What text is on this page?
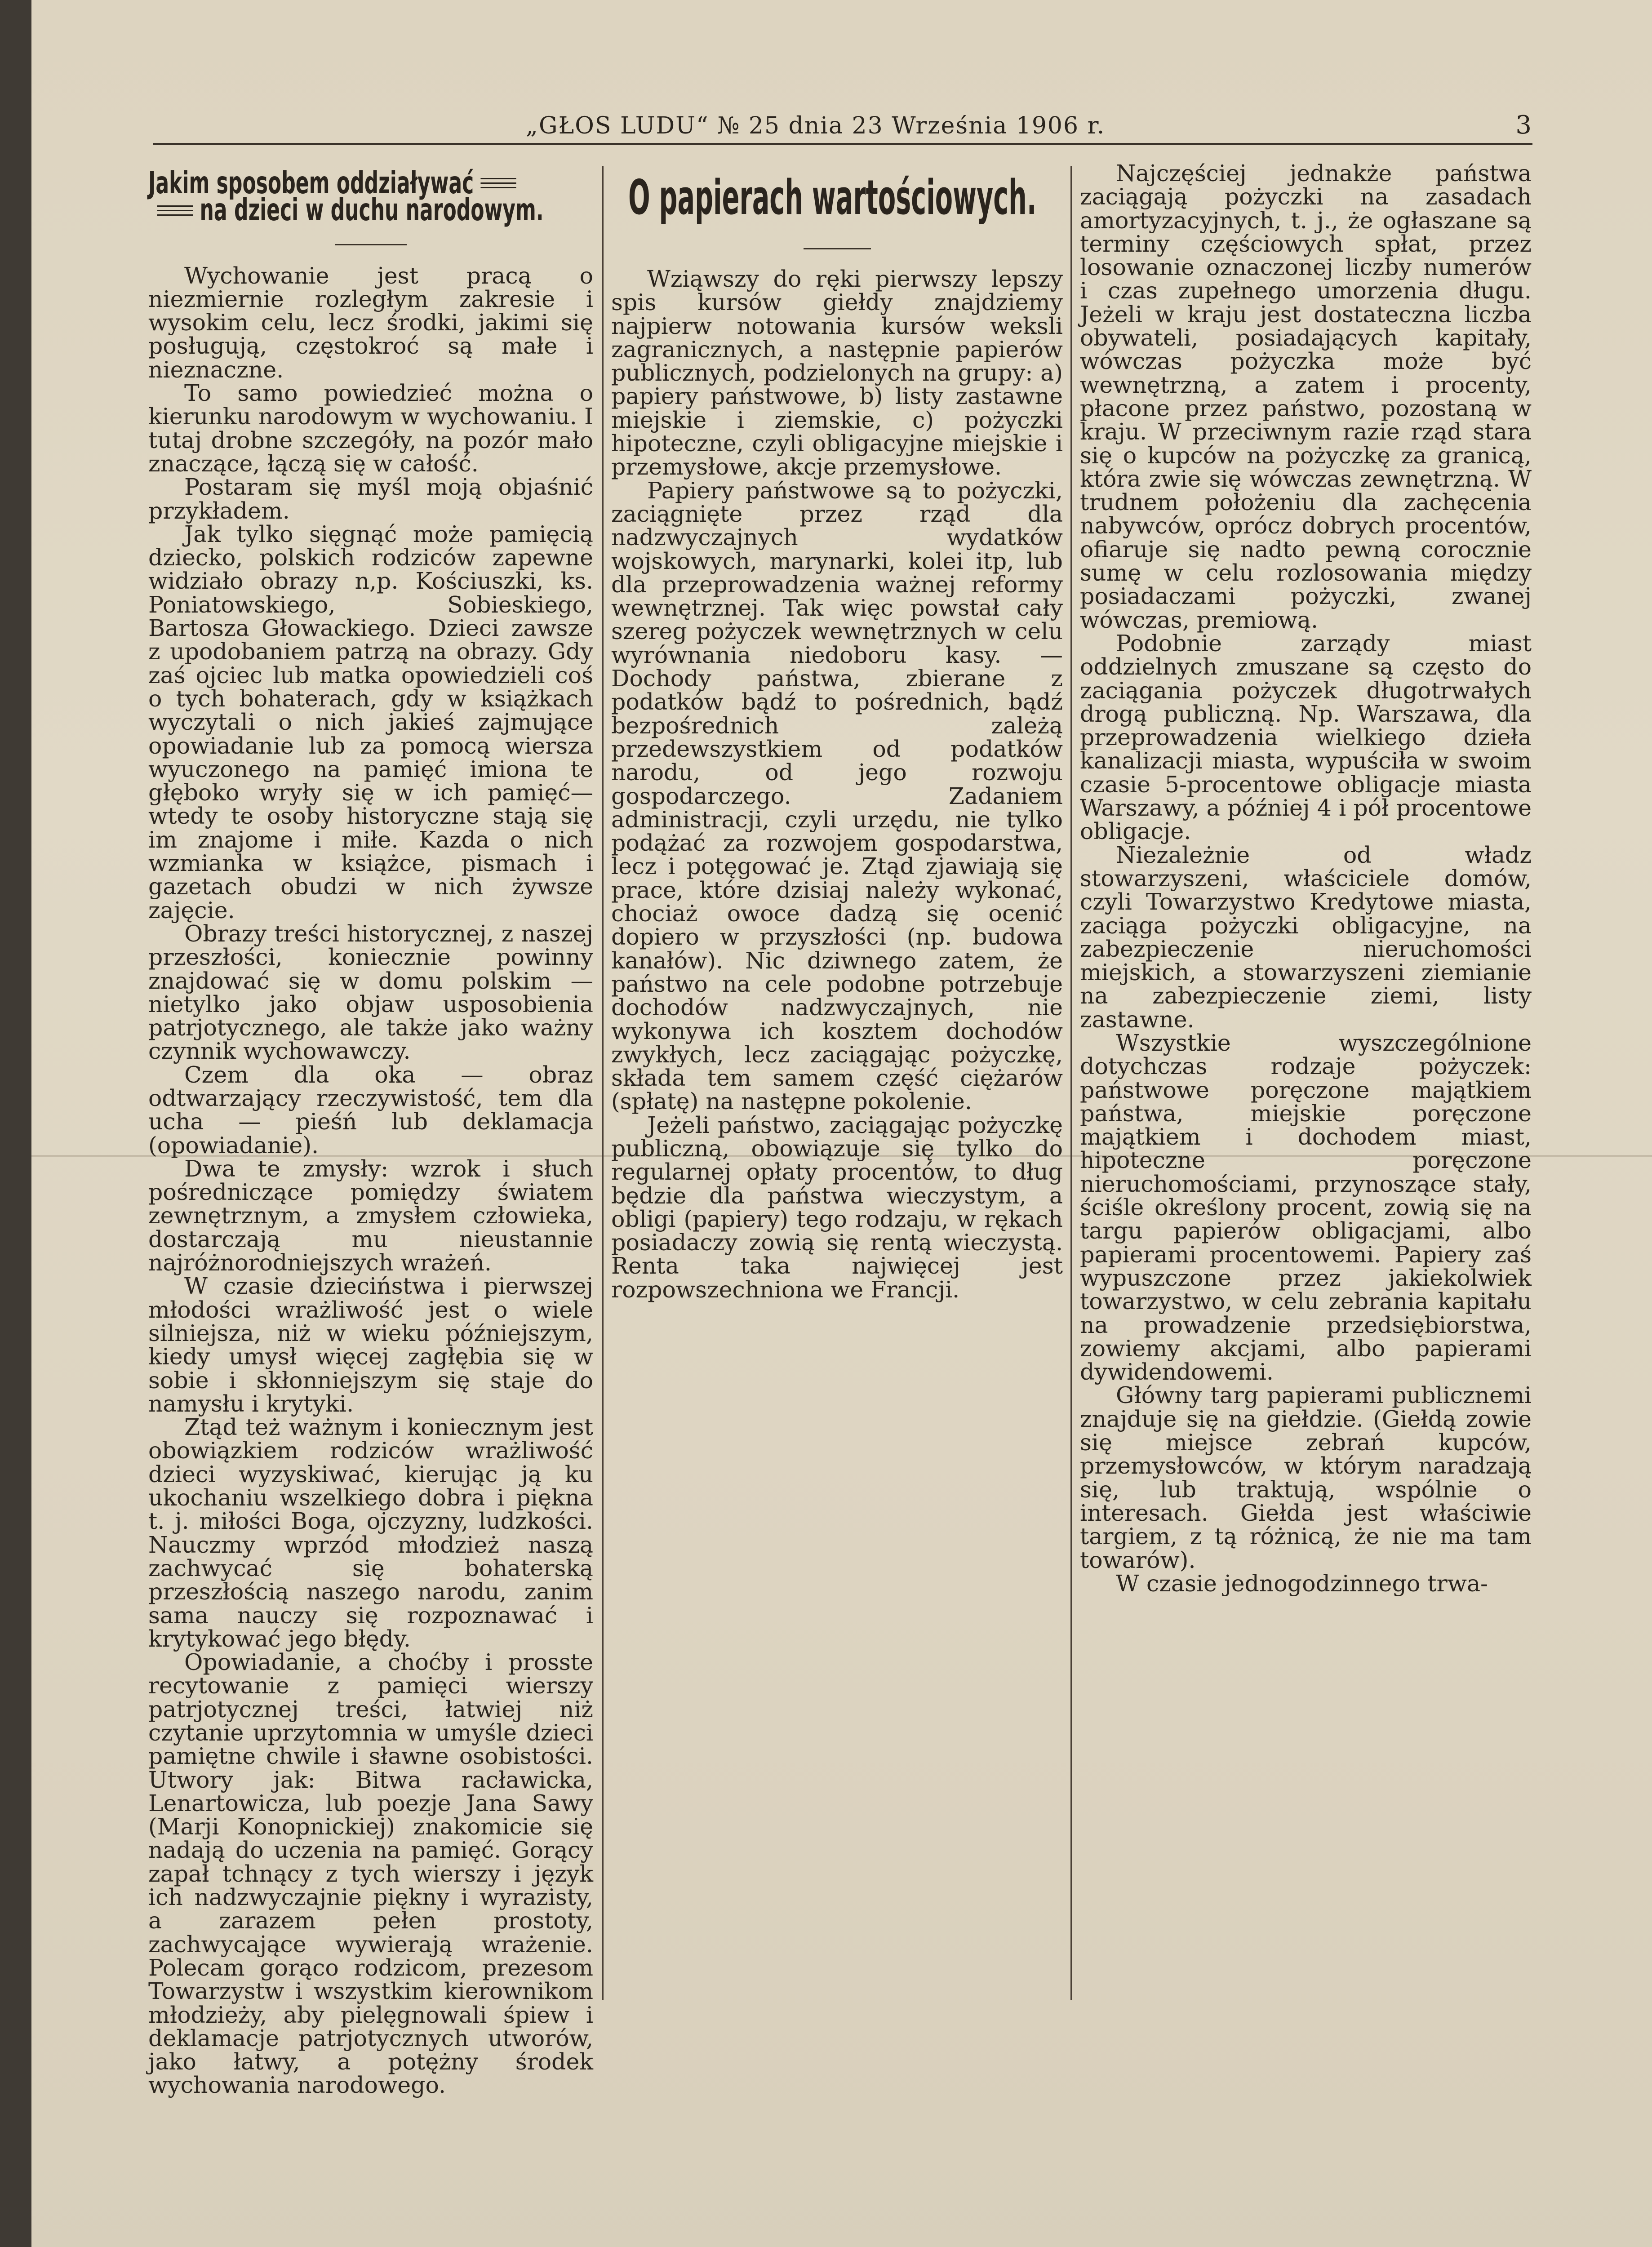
„GŁOS LUDU“ № 25 dnia 23 Września 1906 r.	3
Jakim sposobem oddziaływać
na dzieci w duchu narodowym.

Wychowanie jest pracą o niezmiernie rozległym zakresie i wysokim celu, lecz środki, jakimi się posługują, częstokroć są małe i nieznaczne.

To samo powiedzieć można o kierunku narodowym w wychowaniu. I tutaj drobne szczegóły, na pozór mało znaczące, łączą się w całość.

Postaram się myśl moją objaśnić przykładem.

Jak tylko sięgnąć może pamięcią dziecko, polskich rodziców zapewne widziało obrazy n,p. Kościuszki, ks. Poniatowskiego, Sobieskiego, Bartosza Głowackiego. Dzieci zawsze z upodobaniem patrzą na obrazy. Gdy zaś ojciec lub matka opowiedzieli coś o tych bohaterach, gdy w książkach wyczytali o nich jakieś zajmujące opowiadanie lub za pomocą wiersza wyuczonego na pamięć imiona te głęboko wryły się w ich pamięć—wtedy te osoby historyczne stają się im znajome i miłe. Kazda o nich wzmianka w książce, pismach i gazetach obudzi w nich żywsze zajęcie.

Obrazy treści historycznej, z naszej przeszłości, koniecznie powinny znajdować się w domu polskim — nietylko jako objaw usposobienia patrjotycznego, ale także jako ważny czynnik wychowawczy.

Czem dla oka — obraz odtwarzający rzeczywistość, tem dla ucha — pieśń lub deklamacja (opowiadanie).

Dwa te zmysły: wzrok i słuch pośredniczące pomiędzy światem zewnętrznym, a zmysłem człowieka, dostarczają mu nieustannie najróżnorodniejszych wrażeń.

W czasie dzieciństwa i pierwszej młodości wrażliwość jest o wiele silniejsza, niż w wieku późniejszym, kiedy umysł więcej zagłębia się w sobie i skłonniejszym się staje do namysłu i krytyki.

Ztąd też ważnym i koniecznym jest obowiązkiem rodziców wrażliwość dzieci wyzyskiwać, kierując ją ku ukochaniu wszelkiego dobra i piękna t. j. miłości Boga, ojczyzny, ludzkości. Nauczmy wprzód młodzież naszą zachwycać się bohaterską przeszłością naszego narodu, zanim sama nauczy się rozpoznawać i krytykować jego błędy.

Opowiadanie, a choćby i prosste recytowanie z pamięci wierszy patrjotycznej treści, łatwiej niż czytanie uprzytomnia w umyśle dzieci pamiętne chwile i sławne osobistości. Utwory jak: Bitwa racławicka, Lenartowicza, lub poezje Jana Sawy (Marji Konopnickiej) znakomicie się nadają do uczenia na pamięć. Gorący zapał tchnący z tych wierszy i język ich nadzwyczajnie piękny i wyrazisty, a zarazem pełen prostoty, zachwycające wywierają wrażenie. Polecam gorąco rodzicom, prezesom Towarzystw i wszystkim kierownikom młodzieży, aby pielęgnowali śpiew i deklamacje patrjotycznych utworów, jako łatwy, a potężny środek wychowania narodowego.

O papierach wartościowych.

Wziąwszy do ręki pierwszy lepszy spis kursów giełdy znajdziemy najpierw notowania kursów weksli zagranicznych, a następnie papierów publicznych, podzielonych na grupy: a) papiery państwowe, b) listy zastawne miejskie i ziemskie, c) pożyczki hipoteczne, czyli obligacyjne miejskie i przemysłowe, akcje przemysłowe.

Papiery państwowe są to pożyczki, zaciągnięte przez rząd dla nadzwyczajnych wydatków wojskowych, marynarki, kolei itp, lub dla przeprowadzenia ważnej reformy wewnętrznej. Tak więc powstał cały szereg pożyczek wewnętrznych w celu wyrównania niedoboru kasy. — Dochody państwa, zbierane z podatków bądź to pośrednich, bądź bezpośrednich zależą przedewszystkiem od podatków narodu, od jego rozwoju gospodarczego. Zadaniem administracji, czyli urzędu, nie tylko podążać za rozwojem gospodarstwa, lecz i potęgować je. Ztąd zjawiają się prace, które dzisiaj należy wykonać, chociaż owoce dadzą się ocenić dopiero w przyszłości (np. budowa kanałów). Nic dziwnego zatem, że państwo na cele podobne potrzebuje dochodów nadzwyczajnych, nie wykonywa ich kosztem dochodów zwykłych, lecz zaciągając pożyczkę, składa tem samem część ciężarów (spłatę) na następne pokolenie.

Jeżeli państwo, zaciągając pożyczkę publiczną, obowiązuje się tylko do regularnej opłaty procentów, to dług będzie dla państwa wieczystym, a obligi (papiery) tego rodzaju, w rękach posiadaczy zowią się rentą wieczystą. Renta taka najwięcej jest rozpowszechniona we Francji.

Najczęściej jednakże państwa zaciągają pożyczki na zasadach amortyzacyjnych, t. j., że ogłaszane są terminy częściowych spłat, przez losowanie oznaczonej liczby numerów i czas zupełnego umorzenia długu. Jeżeli w kraju jest dostateczna liczba obywateli, posiadających kapitały, wówczas pożyczka może być wewnętrzną, a zatem i procenty, płacone przez państwo, pozostaną w kraju. W przeciwnym razie rząd stara się o kupców na pożyczkę za granicą, która zwie się wówczas zewnętrzną. W trudnem położeniu dla zachęcenia nabywców, oprócz dobrych procentów, ofiaruje się nadto pewną corocznie sumę w celu rozlosowania między posiadaczami pożyczki, zwanej wówczas, premiową.

Podobnie zarządy miast oddzielnych zmuszane są często do zaciągania pożyczek długotrwałych drogą publiczną. Np. Warszawa, dla przeprowadzenia wielkiego dzieła kanalizacji miasta, wypuściła w swoim czasie 5-procentowe obligacje miasta Warszawy, a później 4 i pół procentowe obligacje.

Niezależnie od władz stowarzyszeni, właściciele domów, czyli Towarzystwo Kredytowe miasta, zaciąga pożyczki obligacyjne, na zabezpieczenie nieruchomości miejskich, a stowarzyszeni ziemianie na zabezpieczenie ziemi, listy zastawne.

Wszystkie wyszczególnione dotychczas rodzaje pożyczek: państwowe poręczone majątkiem państwa, miejskie poręczone majątkiem i dochodem miast, hipoteczne poręczone nieruchomościami, przynoszące stały, ściśle określony procent, zowią się na targu papierów obligacjami, albo papierami procentowemi. Papiery zaś wypuszczone przez jakiekolwiek towarzystwo, w celu zebrania kapitału na prowadzenie przedsiębiorstwa, zowiemy akcjami, albo papierami dywidendowemi.

Główny targ papierami publicznemi znajduje się na giełdzie. (Giełdą zowie się miejsce zebrań kupców, przemysłowców, w którym naradzają się, lub traktują, wspólnie o interesach. Giełda jest właściwie targiem, z tą różnicą, że nie ma tam towarów).

W czasie jednogodzinnego trwa-
